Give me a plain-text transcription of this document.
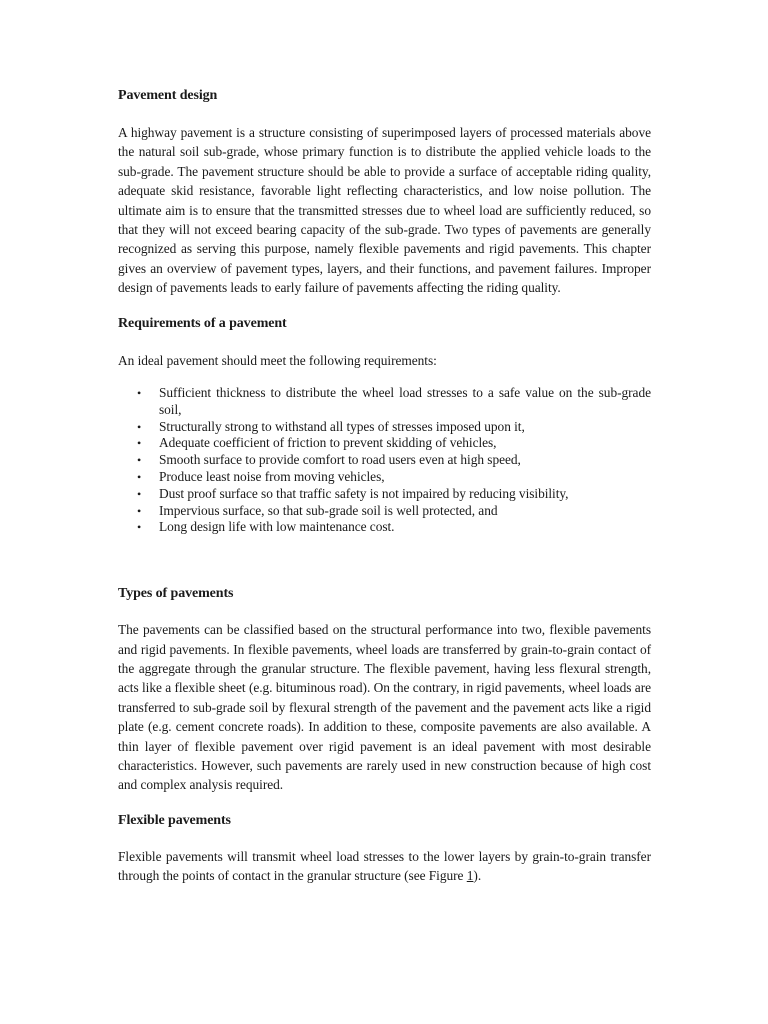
Pavement design

A highway pavement is a structure consisting of superimposed layers of processed materials above the natural soil sub-grade, whose primary function is to distribute the applied vehicle loads to the sub-grade. The pavement structure should be able to provide a surface of acceptable riding quality, adequate skid resistance, favorable light reflecting characteristics, and low noise pollution. The ultimate aim is to ensure that the transmitted stresses due to wheel load are sufficiently reduced, so that they will not exceed bearing capacity of the sub-grade. Two types of pavements are generally recognized as serving this purpose, namely flexible pavements and rigid pavements. This chapter gives an overview of pavement types, layers, and their functions, and pavement failures. Improper design of pavements leads to early failure of pavements affecting the riding quality.

Requirements of a pavement

An ideal pavement should meet the following requirements:

• Sufficient thickness to distribute the wheel load stresses to a safe value on the sub-grade soil,
• Structurally strong to withstand all types of stresses imposed upon it,
• Adequate coefficient of friction to prevent skidding of vehicles,
• Smooth surface to provide comfort to road users even at high speed,
• Produce least noise from moving vehicles,
• Dust proof surface so that traffic safety is not impaired by reducing visibility,
• Impervious surface, so that sub-grade soil is well protected, and
• Long design life with low maintenance cost.
Types of pavements

The pavements can be classified based on the structural performance into two, flexible pavements and rigid pavements. In flexible pavements, wheel loads are transferred by grain-to-grain contact of the aggregate through the granular structure. The flexible pavement, having less flexural strength, acts like a flexible sheet (e.g. bituminous road). On the contrary, in rigid pavements, wheel loads are transferred to sub-grade soil by flexural strength of the pavement and the pavement acts like a rigid plate (e.g. cement concrete roads). In addition to these, composite pavements are also available. A thin layer of flexible pavement over rigid pavement is an ideal pavement with most desirable characteristics. However, such pavements are rarely used in new construction because of high cost and complex analysis required.

Flexible pavements

Flexible pavements will transmit wheel load stresses to the lower layers by grain-to-grain transfer through the points of contact in the granular structure (see Figure 1).
